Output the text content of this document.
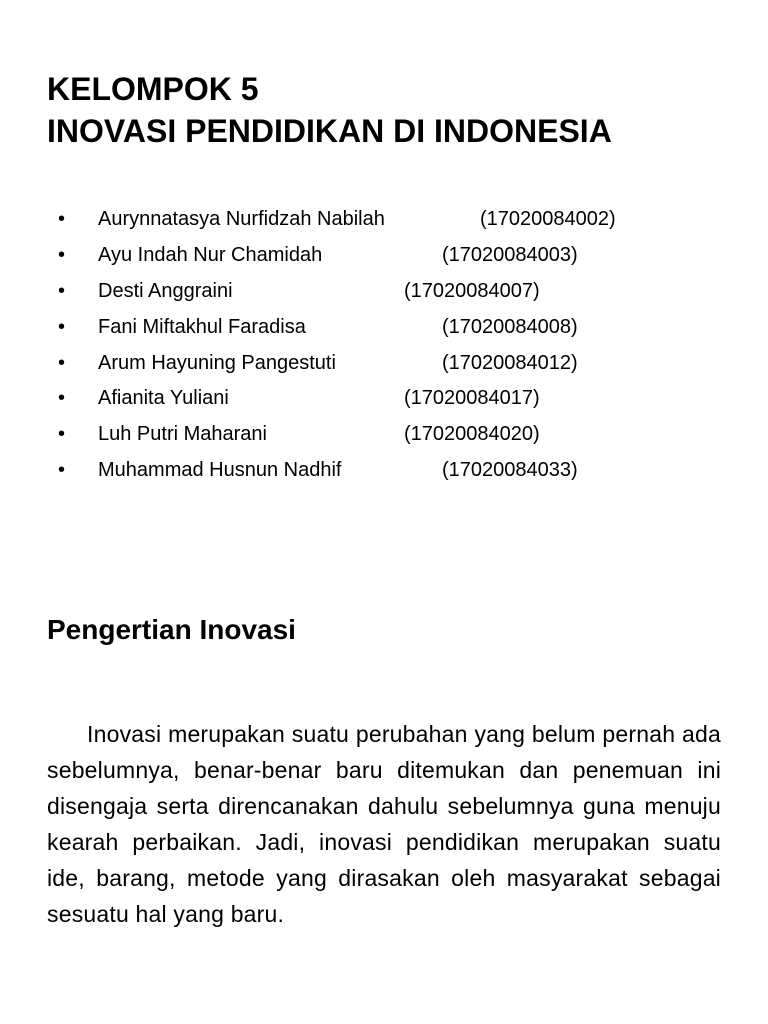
KELOMPOK 5
INOVASI PENDIDIKAN DI INDONESIA
• Aurynnatasya Nurfidzah Nabilah	(17020084002)
• Ayu Indah Nur Chamidah	(17020084003)
• Desti Anggraini	(17020084007)
• Fani Miftakhul Faradisa	(17020084008)
• Arum Hayuning Pangestuti	(17020084012)
• Afianita Yuliani	(17020084017)
• Luh Putri Maharani	(17020084020)
• Muhammad Husnun Nadhif	(17020084033)
Pengertian Inovasi

Inovasi merupakan suatu perubahan yang belum pernah ada sebelumnya, benar-benar baru ditemukan dan penemuan ini disengaja serta direncanakan dahulu sebelumnya guna menuju kearah perbaikan. Jadi, inovasi pendidikan merupakan suatu ide, barang, metode yang dirasakan oleh masyarakat sebagai sesuatu hal yang baru.
